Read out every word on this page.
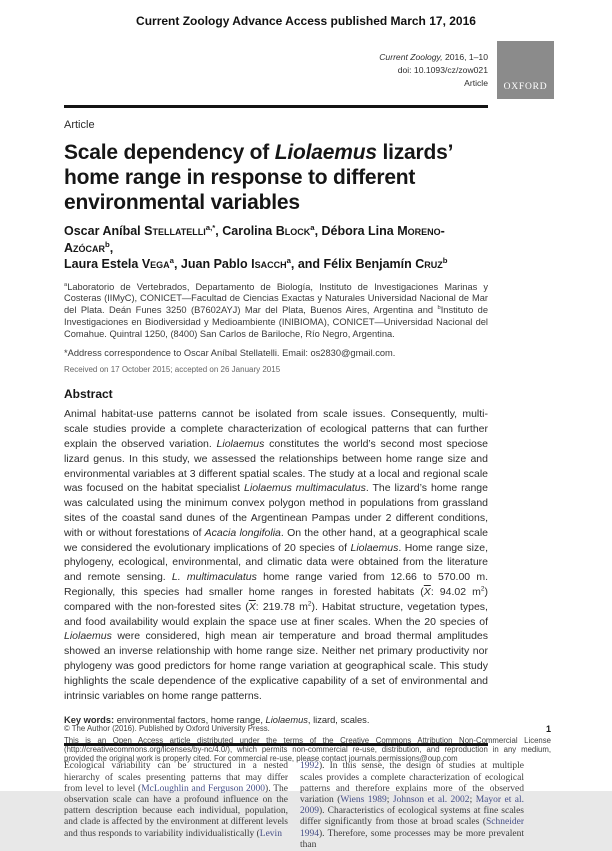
Current Zoology Advance Access published March 17, 2016
Current Zoology, 2016, 1–10
doi: 10.1093/cz/zow021
Article OXFORD
Article
Scale dependency of Liolaemus lizards’ home range in response to different environmental variables
Oscar Aníbal Stellatelli$^{a,*}$, Carolina Block$^a$, Débora Lina Moreno-Azócar$^b$,
Laura Estela Vega$^a$, Juan Pablo Isacch$^a$, and Félix Benjamín Cruz$^b$
$^a$Laboratorio de Vertebrados, Departamento de Biología, Instituto de Investigaciones Marinas y Costeras (IIMyC), CONICET—Facultad de Ciencias Exactas y Naturales Universidad Nacional de Mar del Plata. Deán Funes 3250 (B7602AYJ) Mar del Plata, Buenos Aires, Argentina and $^b$Instituto de Investigaciones en Biodiversidad y Medioambiente (INIBIOMA), CONICET—Universidad Nacional del Comahue. Quintral 1250, (8400) San Carlos de Bariloche, Río Negro, Argentina.
*Address correspondence to Oscar Aníbal Stellatelli. Email: os2830@gmail.com.
Received on 17 October 2015; accepted on 26 January 2015
Abstract
Animal habitat-use patterns cannot be isolated from scale issues. Consequently, multi-scale studies provide a complete characterization of ecological patterns that can further explain the observed variation. Liolaemus constitutes the world’s second most speciose lizard genus. In this study, we assessed the relationships between home range size and environmental variables at 3 different spatial scales. The study at a local and regional scale was focused on the habitat specialist Liolaemus multimaculatus. The lizard’s home range was calculated using the minimum convex polygon method in populations from grassland sites of the coastal sand dunes of the Argentinean Pampas under 2 different conditions, with or without forestations of Acacia longifolia. On the other hand, at a geographical scale we considered the evolutionary implications of 20 species of Liolaemus. Home range size, phylogeny, ecological, environmental, and climatic data were obtained from the literature and remote sensing. L. multimaculatus home range varied from 12.66 to 570.00 m. Regionally, this species had smaller home ranges in forested habitats ($\overline{X}$: 94.02 $m^2$) compared with the non-forested sites ($\overline{X}$: 219.78 $m^2$). Habitat structure, vegetation types, and food availability would explain the space use at finer scales. When the 20 species of Liolaemus were considered, high mean air temperature and broad thermal amplitudes showed an inverse relationship with home range size. Neither net primary productivity nor phylogeny was good predictors for home range variation at geographical scale. This study highlights the scale dependence of the explicative capability of a set of environmental and intrinsic variables on home range patterns.
Key words: environmental factors, home range, Liolaemus, lizard, scales.
Ecological variability can be structured in a nested hierarchy of scales presenting patterns that may differ from level to level (McLoughlin and Ferguson 2000). The observation scale can have a profound influence on the pattern description because each individual, population, and clade is affected by the environment at different levels and thus responds to variability individualistically (Levin
1992). In this sense, the design of studies at multiple scales provides a complete characterization of ecological patterns and therefore explains more of the observed variation (Wiens 1989; Johnson et al. 2002; Mayor et al. 2009). Characteristics of ecological systems at fine scales differ significantly from those at broad scales (Schneider 1994). Therefore, some processes may be more prevalent than
© The Author (2016). Published by Oxford University Press.	1
This is an Open Access article distributed under the terms of the Creative Commons Attribution Non-Commercial License (http://creativecommons.org/licenses/by-nc/4.0/), which permits non-commercial re-use, distribution, and reproduction in any medium, provided the original work is properly cited. For commercial re-use, please contact journals.permissions@oup.com
